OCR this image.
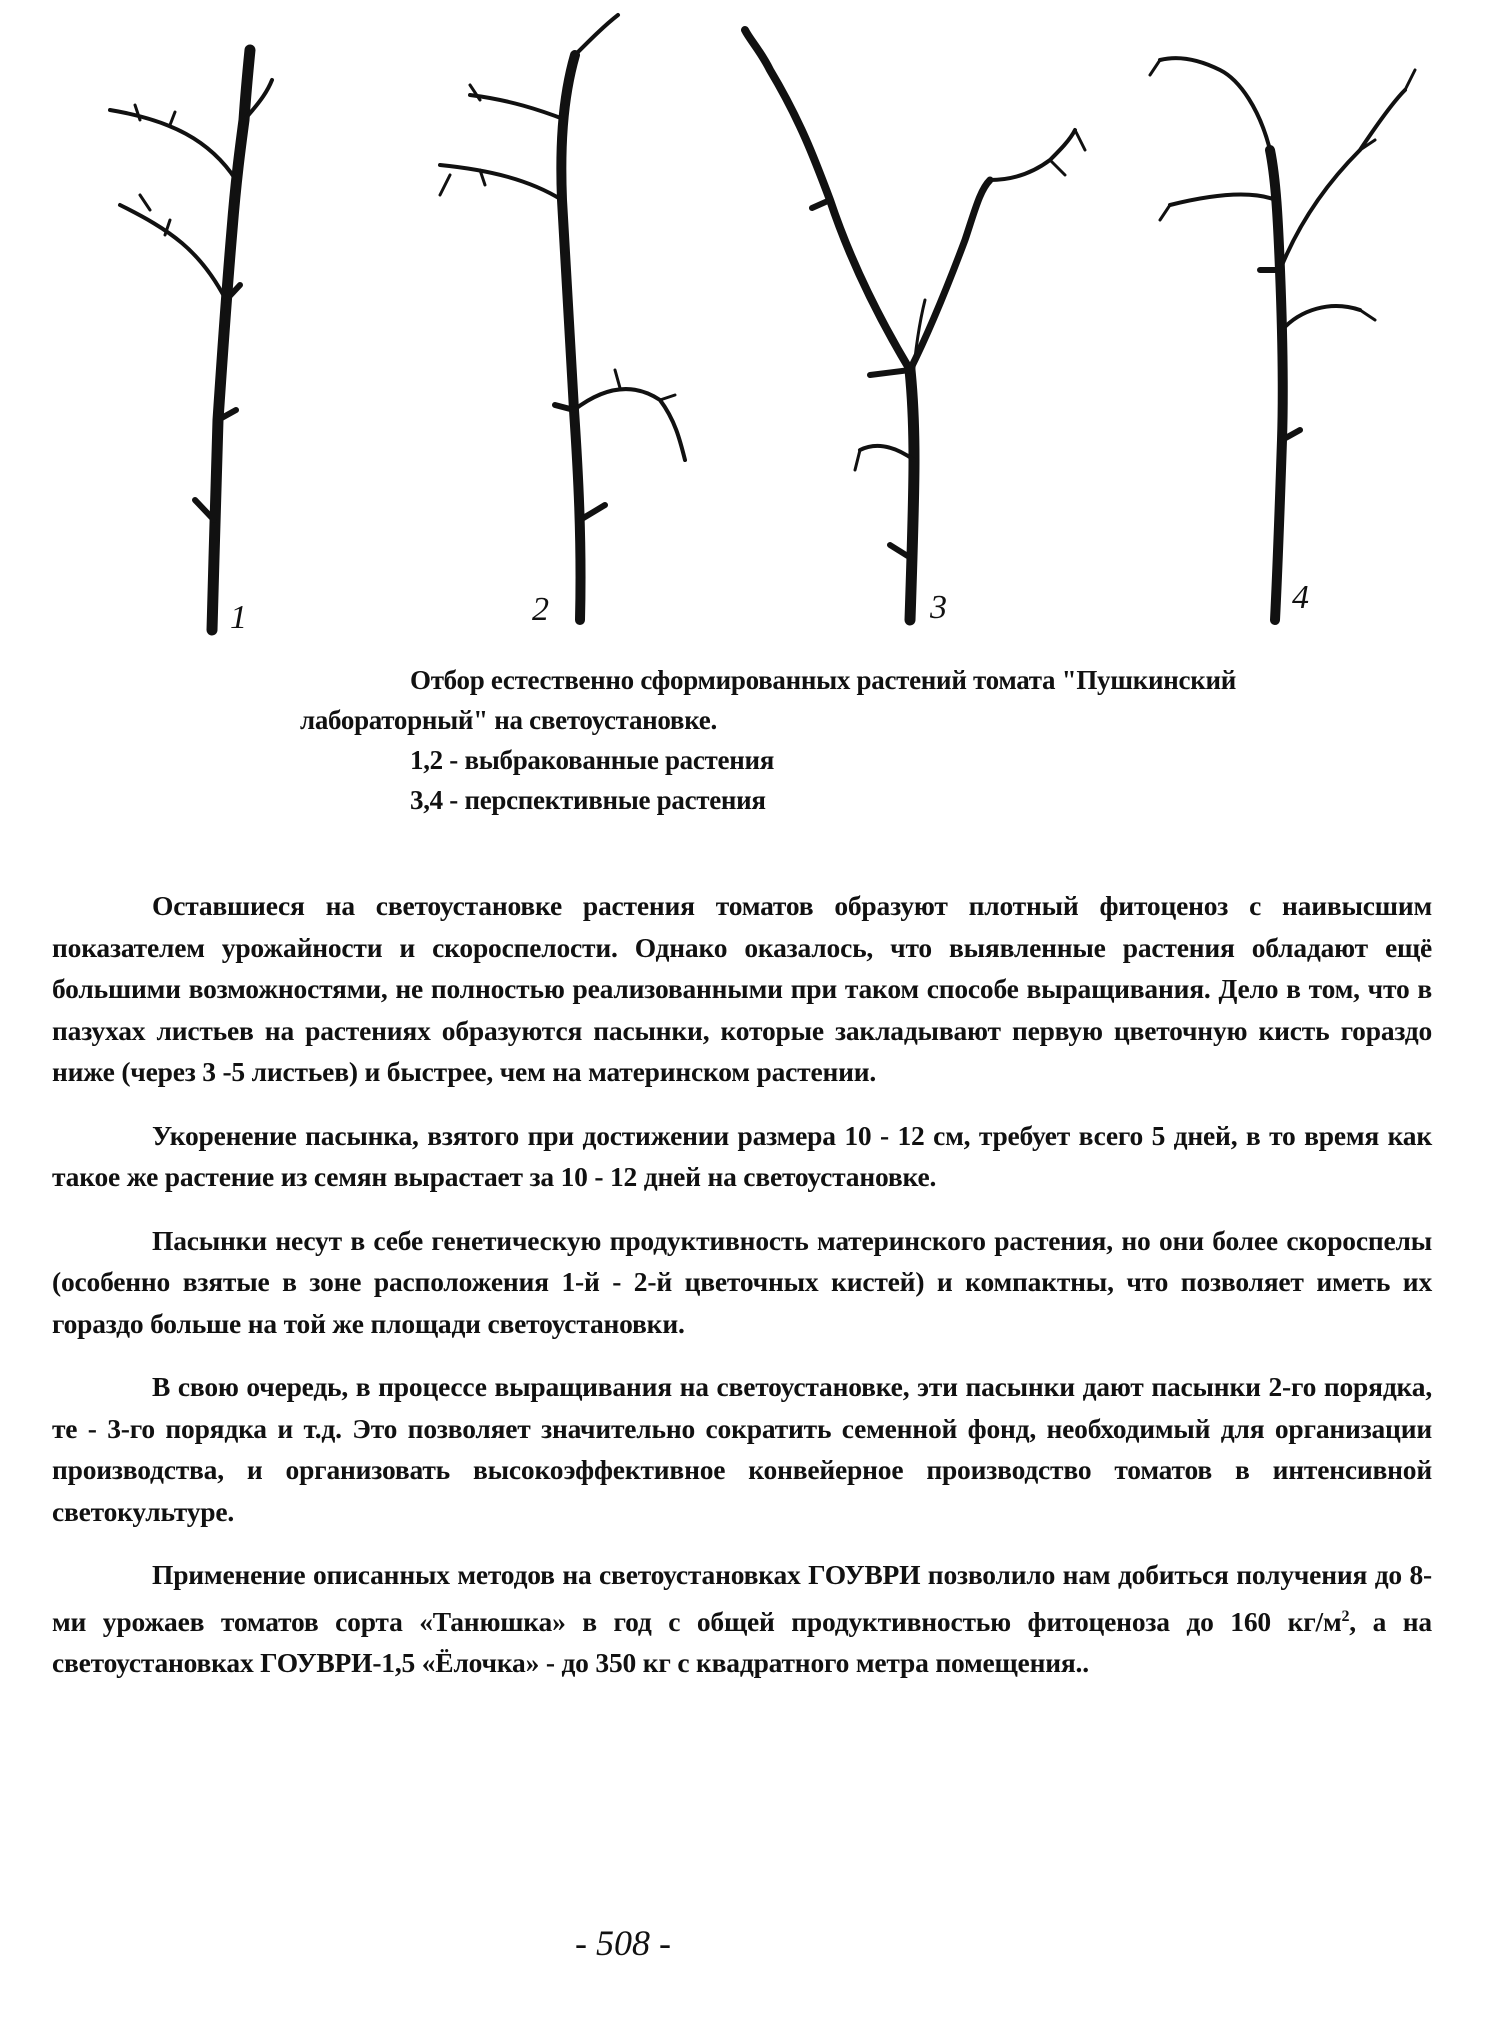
1	2	3	4
Отбор естественно сформированных растений томата "Пушкинский
лабораторный" на светоустановке.
1,2 - выбракованные растения
3,4 - перспективные растения

Оставшиеся на светоустановке растения томатов образуют плотный фитоценоз с наивысшим показателем урожайности и скороспелости. Однако оказалось, что выявленные растения обладают ещё большими возможностями, не полностью реализованными при таком способе выращивания. Дело в том, что в пазухах листьев на растениях образуются пасынки, которые закладывают первую цветочную кисть гораздо ниже (через 3 -5 листьев) и быстрее, чем на материнском растении.

Укоренение пасынка, взятого при достижении размера 10 - 12 см, требует всего 5 дней, в то время как такое же растение из семян вырастает за 10 - 12 дней на светоустановке.

Пасынки несут в себе генетическую продуктивность материнского растения, но они более скороспелы (особенно взятые в зоне расположения 1-й - 2-й цветочных кистей) и компактны, что позволяет иметь их гораздо больше на той же площади светоустановки.

В свою очередь, в процессе выращивания на светоустановке, эти пасынки дают пасынки 2-го порядка, те - 3-го порядка и т.д. Это позволяет значительно сократить семенной фонд, необходимый для организации производства, и организовать высокоэффективное конвейерное производство томатов в интенсивной светокультуре.

Применение описанных методов на светоустановках ГОУВРИ позволило нам добиться получения до 8-ми урожаев томатов сорта «Танюшка» в год с общей продуктивностью фитоценоза до 160 $кг/м^2$, а на светоустановках ГОУВРИ-1,5 «Ёлочка» - до 350 кг с квадратного метра помещения..

- 508 -
